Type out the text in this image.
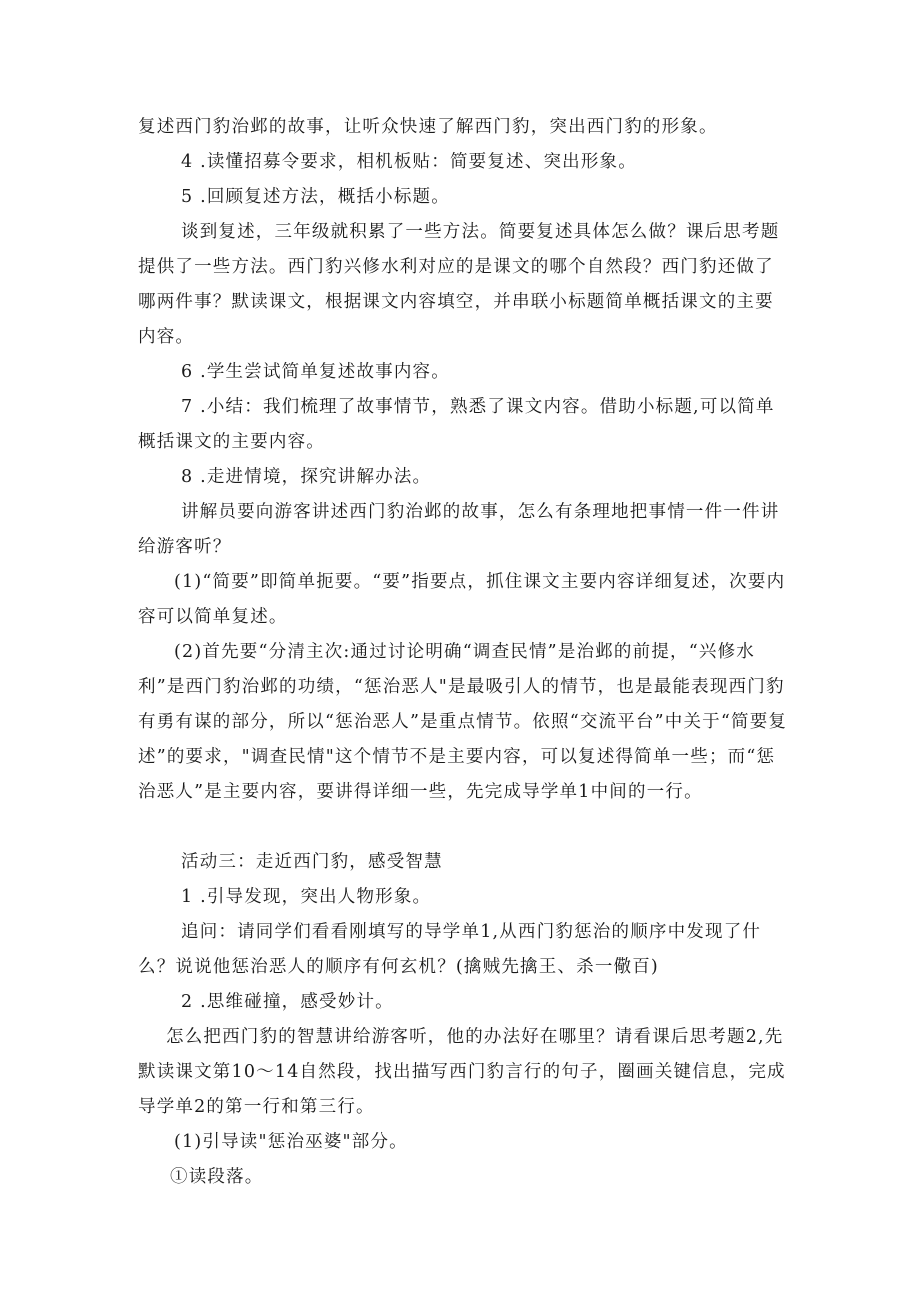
复述西门豹治邺的故事，让听众快速了解西门豹，突出西门豹的形象。

4 .读懂招募令要求，相机板贴：简要复述、突出形象。

5 .回顾复述方法，概括小标题。

谈到复述，三年级就积累了一些方法。简要复述具体怎么做？课后思考题提供了一些方法。西门豹兴修水利对应的是课文的哪个自然段？西门豹还做了哪两件事？默读课文，根据课文内容填空，并串联小标题简单概括课文的主要内容。

6 .学生尝试简单复述故事内容。

7 .小结：我们梳理了故事情节，熟悉了课文内容。借助小标题,可以简单概括课文的主要内容。

8 .走进情境，探究讲解办法。

讲解员要向游客讲述西门豹治邺的故事，怎么有条理地把事情一件一件讲给游客听？

(1)“简要”即简单扼要。“要”指要点，抓住课文主要内容详细复述，次要内容可以简单复述。

(2)首先要“分清主次:通过讨论明确“调查民情”是治邺的前提，“兴修水利”是西门豹治邺的功绩，“惩治恶人"是最吸引人的情节，也是最能表现西门豹有勇有谋的部分，所以“惩治恶人”是重点情节。依照“交流平台”中关于“简要复述”的要求，"调查民情"这个情节不是主要内容，可以复述得简单一些；而“惩治恶人”是主要内容，要讲得详细一些，先完成导学单1中间的一行。

活动三：走近西门豹，感受智慧

1 .引导发现，突出人物形象。

追问：请同学们看看刚填写的导学单1,从西门豹惩治的顺序中发现了什么？说说他惩治恶人的顺序有何玄机？(擒贼先擒王、杀一儆百)

2 .思维碰撞，感受妙计。

怎么把西门豹的智慧讲给游客听，他的办法好在哪里？请看课后思考题2,先默读课文第10～14自然段，找出描写西门豹言行的句子，圈画关键信息，完成导学单2的第一行和第三行。

(1)引导读"惩治巫婆"部分。

①读段落。
